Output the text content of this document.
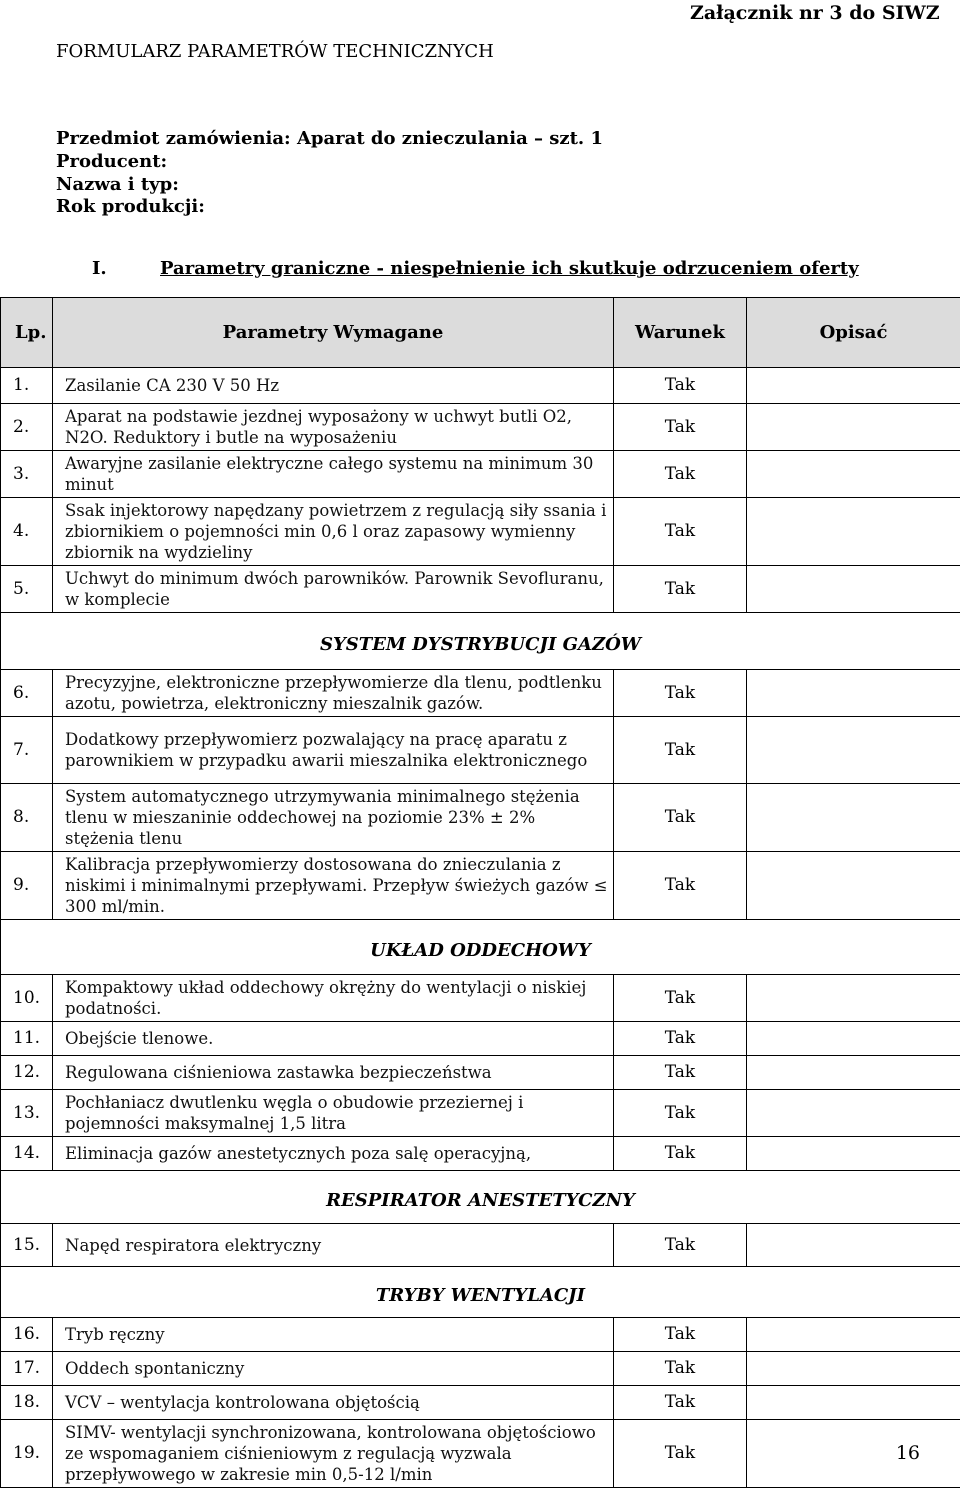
Załącznik nr 3 do SIWZ
FORMULARZ PARAMETRÓW TECHNICZNYCH
Przedmiot zamówienia: Aparat do znieczulania – szt. 1
Producent:
Nazwa i typ:
Rok produkcji:
I.	Parametry graniczne - niespełnienie ich skutkuje odrzuceniem oferty
Lp.	Parametry Wymagane	Warunek	Opisać
1.	Zasilanie CA 230 V 50 Hz	Tak	
2.	Aparat na podstawie jezdnej wyposażony w uchwyt butli O2, N2O. Reduktory i butle na wyposażeniu	Tak	
3.	Awaryjne zasilanie elektryczne całego systemu na minimum 30 minut	Tak	
4.	Ssak injektorowy napędzany powietrzem z regulacją siły ssania i zbiornikiem o pojemności min 0,6 l oraz zapasowy wymienny zbiornik na wydzieliny	Tak	
5.	Uchwyt do minimum dwóch parowników. Parownik Sevofluranu, w komplecie	Tak	
SYSTEM DYSTRYBUCJI GAZÓW			
6.	Precyzyjne, elektroniczne przepływomierze dla tlenu, podtlenku azotu, powietrza, elektroniczny mieszalnik gazów.	Tak	
7.	Dodatkowy przepływomierz pozwalający na pracę aparatu z parownikiem w przypadku awarii mieszalnika elektronicznego	Tak	
8.	System automatycznego utrzymywania minimalnego stężenia tlenu w mieszaninie oddechowej na poziomie 23% ± 2% stężenia tlenu	Tak	
9.	Kalibracja przepływomierzy dostosowana do znieczulania z niskimi i minimalnymi przepływami. Przepływ świeżych gazów ≤ 300 ml/min.	Tak	
UKŁAD ODDECHOWY			
10.	Kompaktowy układ oddechowy okrężny do wentylacji o niskiej podatności.	Tak	
11.	Obejście tlenowe.	Tak	
12.	Regulowana ciśnieniowa zastawka bezpieczeństwa	Tak	
13.	Pochłaniacz dwutlenku węgla o obudowie przeziernej i pojemności maksymalnej 1,5 litra	Tak	
14.	Eliminacja gazów anestetycznych poza salę operacyjną,	Tak	
RESPIRATOR ANESTETYCZNY			
15.	Napęd respiratora elektryczny	Tak	
TRYBY WENTYLACJI			
16.	Tryb ręczny	Tak	
17.	Oddech spontaniczny	Tak	
18.	VCV – wentylacja kontrolowana objętością	Tak	
19.	SIMV- wentylacji synchronizowana, kontrolowana objętościowo ze wspomaganiem ciśnieniowym z regulacją wyzwala przepływowego w zakresie min 0,5-12 l/min	Tak		16
